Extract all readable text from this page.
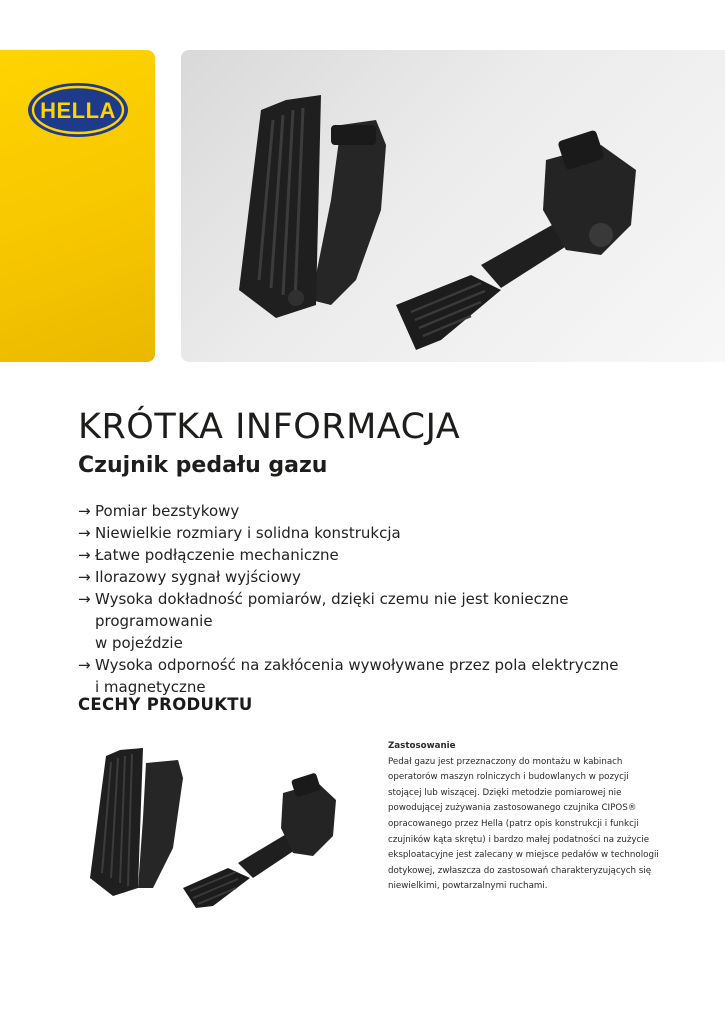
HELLA
KRÓTKA INFORMACJA
Czujnik pedału gazu
→ Pomiar bezstykowy
→ Niewielkie rozmiary i solidna konstrukcja
→ Łatwe podłączenie mechaniczne
→ Ilorazowy sygnał wyjściowy
→ Wysoka dokładność pomiarów, dzięki czemu nie jest konieczne programowanie
w pojeździe
→ Wysoka odporność na zakłócenia wywoływane przez pola elektryczne
i magnetyczne
CECHY PRODUKTU

Zastosowanie

Pedał gazu jest przeznaczony do montażu w kabinach
operatorów maszyn rolniczych i budowlanych w pozycji
stojącej lub wiszącej. Dzięki metodzie pomiarowej nie
powodującej zużywania zastosowanego czujnika CIPOS®
opracowanego przez Hella (patrz opis konstrukcji i funkcji
czujników kąta skrętu) i bardzo małej podatności na zużycie
eksploatacyjne jest zalecany w miejsce pedałów w technologii
dotykowej, zwłaszcza do zastosowań charakteryzujących się
niewielkimi, powtarzalnymi ruchami.
